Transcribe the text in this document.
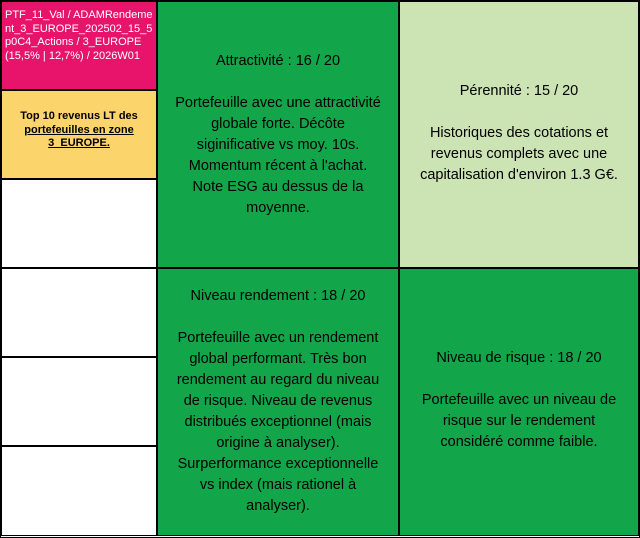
PTF_11_Val / ADAMRendement_3_EUROPE_202502_15_5p0C4_Actions / 3_EUROPE (15,5% | 12,7%) / 2026W01
Top 10 revenus LT des portefeuilles en zone 3_EUROPE.
Attractivité : 16 / 20
Portefeuille avec une attractivité
globale forte. Décôte
siginificative vs moy. 10s.
Momentum récent à l'achat.
Note ESG au dessus de la
moyenne.
Pérennité : 15 / 20
Historiques des cotations et
revenus complets avec une
capitalisation d'environ 1.3 G€.
Niveau rendement : 18 / 20
Portefeuille avec un rendement
global performant. Très bon
rendement au regard du niveau
de risque. Niveau de revenus
distribués exceptionnel (mais
origine à analyser).
Surperformance exceptionnelle
vs index (mais rationel à
analyser).
Niveau de risque : 18 / 20
Portefeuille avec un niveau de
risque sur le rendement
considéré comme faible.
